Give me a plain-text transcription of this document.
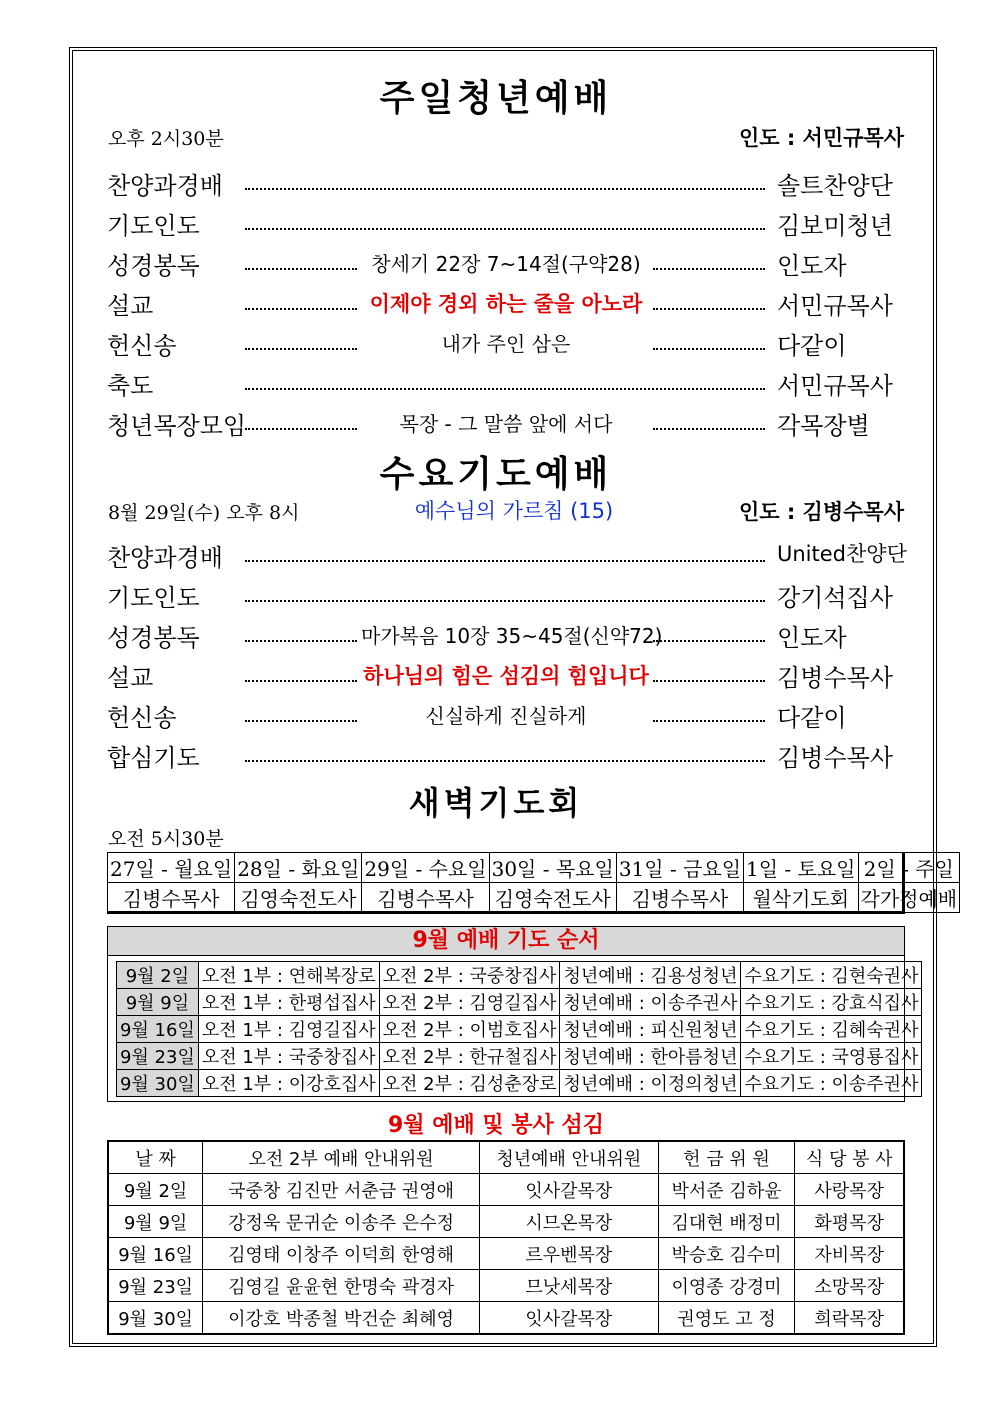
주일청년예배
오후 2시30분	인도 : 서민규목사
찬양과경배	솔트찬양단
기도인도	김보미청년
성경봉독	창세기 22장 7~14절(구약28)	인도자
설교	이제야 경외 하는 줄을 아노라	서민규목사
헌신송	내가 주인 삼은	다같이
축도	서민규목사
청년목장모임	목장 - 그 말씀 앞에 서다	각목장별
수요기도예배
8월 29일(수) 오후 8시	예수님의 가르침 (15)	인도 : 김병수목사
찬양과경배	United찬양단
기도인도	강기석집사
성경봉독	마가복음 10장 35~45절(신약72)	인도자
설교	하나님의 힘은 섬김의 힘입니다	김병수목사
헌신송	신실하게 진실하게	다같이
합심기도	김병수목사
새벽기도회
오전 5시30분
27일 - 월요일	28일 - 화요일	29일 - 수요일	30일 - 목요일	31일 - 금요일	1일 - 토요일	2일 - 주일
김병수목사	김영숙전도사	김병수목사	김영숙전도사	김병수목사	월삭기도회	각가정예배
9월 예배 기도 순서
9월 2일	오전 1부 : 연해복장로	오전 2부 : 국중창집사	청년예배 : 김용성청년	수요기도 : 김현숙권사
9월 9일	오전 1부 : 한평섭집사	오전 2부 : 김영길집사	청년예배 : 이송주권사	수요기도 : 강효식집사
9월 16일	오전 1부 : 김영길집사	오전 2부 : 이범호집사	청년예배 : 피신원청년	수요기도 : 김혜숙권사
9월 23일	오전 1부 : 국중창집사	오전 2부 : 한규철집사	청년예배 : 한아름청년	수요기도 : 국영룡집사
9월 30일	오전 1부 : 이강호집사	오전 2부 : 김성춘장로	청년예배 : 이정의청년	수요기도 : 이송주권사
9월 예배 및 봉사 섬김
날 짜	오전 2부 예배 안내위원	청년예배 안내위원	헌 금 위 원	식 당 봉 사
9월 2일	국중창 김진만 서춘금 권영애	잇사갈목장	박서준 김하윤	사랑목장
9월 9일	강정욱 문귀순 이송주 은수정	시므온목장	김대현 배정미	화평목장
9월 16일	김영태 이창주 이덕희 한영해	르우벤목장	박승호 김수미	자비목장
9월 23일	김영길 윤윤현 한명숙 곽경자	므낫세목장	이영종 강경미	소망목장
9월 30일	이강호 박종철 박건순 최혜영	잇사갈목장	권영도 고 정	희락목장
